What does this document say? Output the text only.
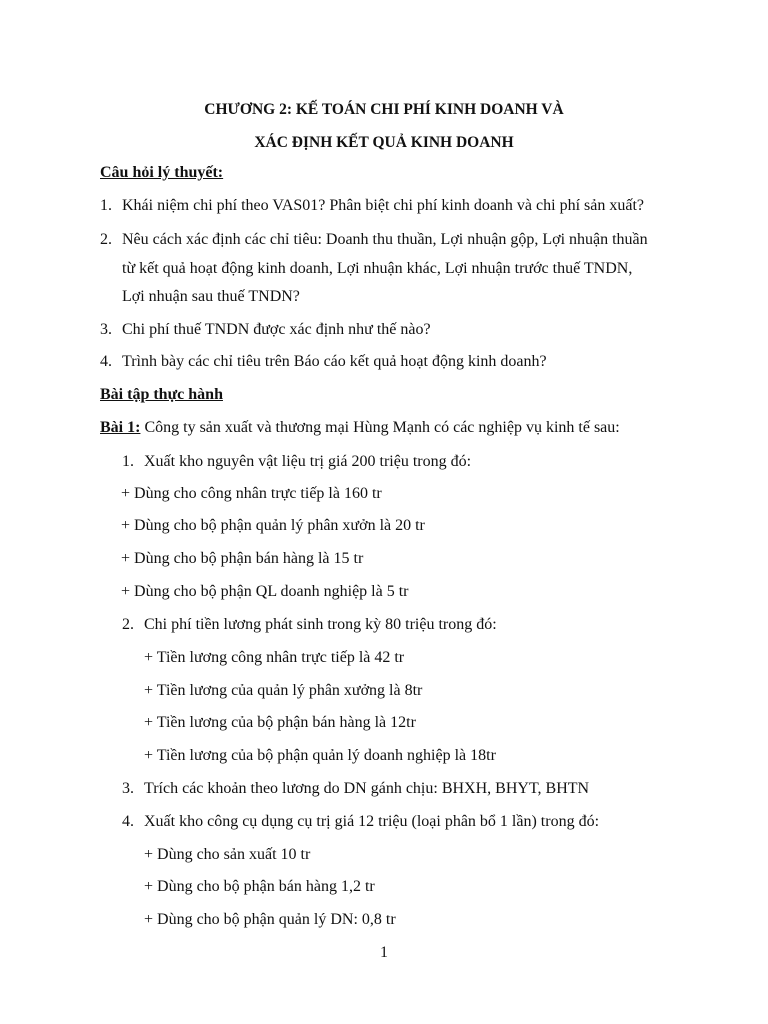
CHƯƠNG 2: KẾ TOÁN CHI PHÍ KINH DOANH VÀ
XÁC ĐỊNH KẾT QUẢ KINH DOANH
Câu hỏi lý thuyết:
1. Khái niệm chi phí theo VAS01? Phân biệt chi phí kinh doanh và chi phí sản xuất?
2. Nêu cách xác định các chỉ tiêu: Doanh thu thuần, Lợi nhuận gộp, Lợi nhuận thuần
từ kết quả hoạt động kinh doanh, Lợi nhuận khác, Lợi nhuận trước thuế TNDN,
Lợi nhuận sau thuế TNDN?
3. Chi phí thuế TNDN được xác định như thế nào?
4. Trình bày các chỉ tiêu trên Báo cáo kết quả hoạt động kinh doanh?
Bài tập thực hành
Bài 1: Công ty sản xuất và thương mại Hùng Mạnh có các nghiệp vụ kinh tế sau:
1. Xuất kho nguyên vật liệu trị giá 200 triệu trong đó:
+ Dùng cho công nhân trực tiếp là 160 tr
+ Dùng cho bộ phận quản lý phân xưởn là 20 tr
+ Dùng cho bộ phận bán hàng là 15 tr
+ Dùng cho bộ phận QL doanh nghiệp là 5 tr
2. Chi phí tiền lương phát sinh trong kỳ 80 triệu trong đó:
+ Tiền lương công nhân trực tiếp là 42 tr
+ Tiền lương của quản lý phân xưởng là 8tr
+ Tiền lương của bộ phận bán hàng là 12tr
+ Tiền lương của bộ phận quản lý doanh nghiệp là 18tr
3. Trích các khoản theo lương do DN gánh chịu: BHXH, BHYT, BHTN
4. Xuất kho công cụ dụng cụ trị giá 12 triệu (loại phân bổ 1 lần) trong đó:
+ Dùng cho sản xuất 10 tr
+ Dùng cho bộ phận bán hàng 1,2 tr
+ Dùng cho bộ phận quản lý DN: 0,8 tr
1
